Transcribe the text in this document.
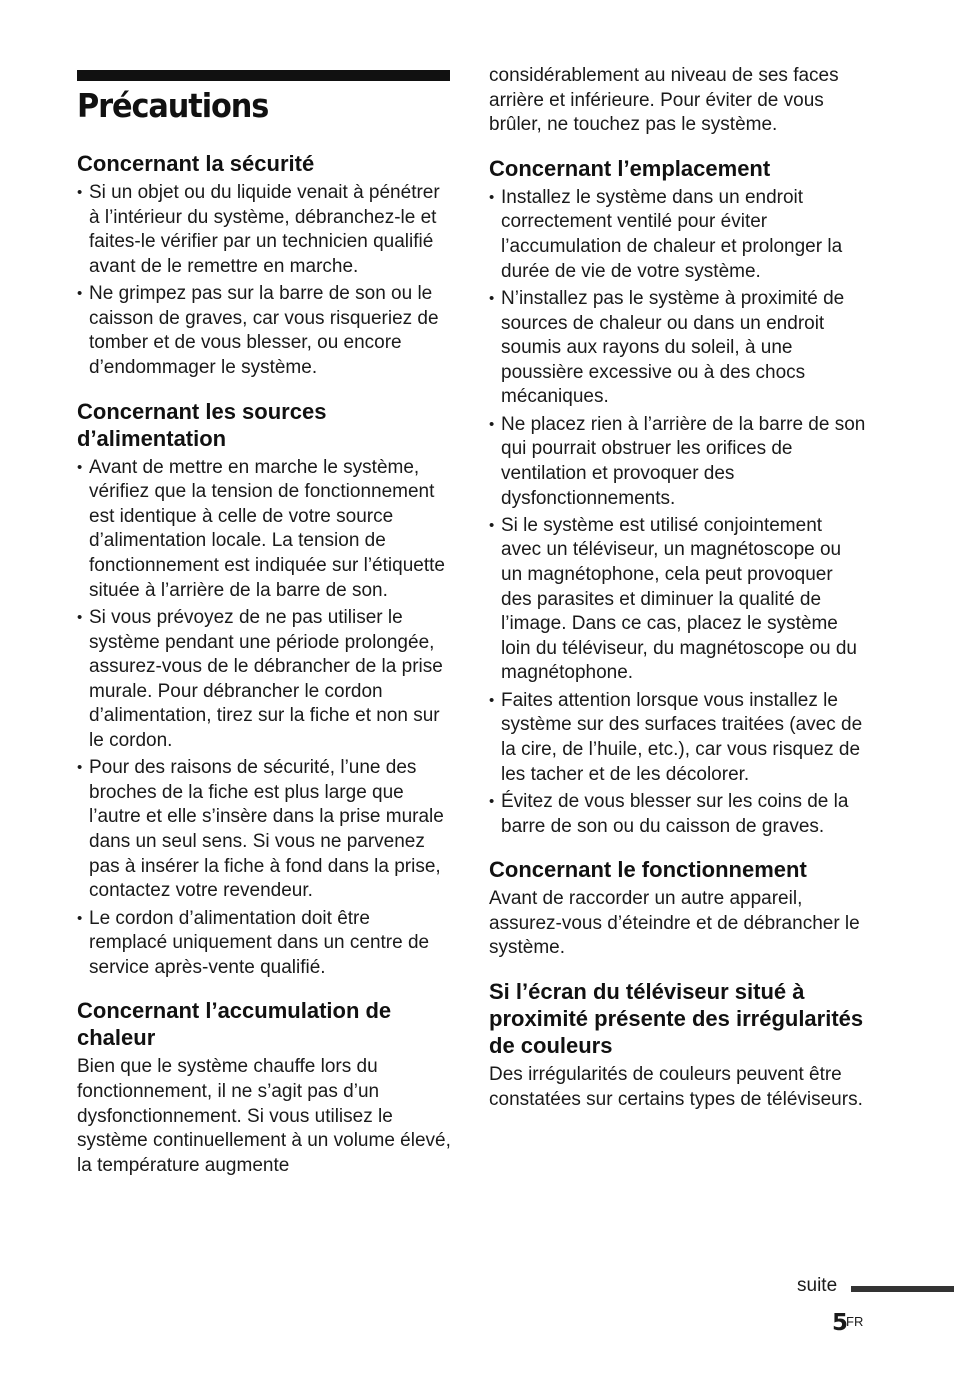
Précautions
Concernant la sécurité
• Si un objet ou du liquide venait à pénétrer à l’intérieur du système, débranchez-le et faites-le vérifier par un technicien qualifié avant de le remettre en marche.
• Ne grimpez pas sur la barre de son ou le caisson de graves, car vous risqueriez de tomber et de vous blesser, ou encore d’endommager le système.
Concernant les sources d’alimentation
• Avant de mettre en marche le système, vérifiez que la tension de fonctionnement est identique à celle de votre source d’alimentation locale. La tension de fonctionnement est indiquée sur l’étiquette située à l’arrière de la barre de son.
• Si vous prévoyez de ne pas utiliser le système pendant une période prolongée, assurez-vous de le débrancher de la prise murale. Pour débrancher le cordon d’alimentation, tirez sur la fiche et non sur le cordon.
• Pour des raisons de sécurité, l’une des broches de la fiche est plus large que l’autre et elle s’insère dans la prise murale dans un seul sens. Si vous ne parvenez pas à insérer la fiche à fond dans la prise, contactez votre revendeur.
• Le cordon d’alimentation doit être remplacé uniquement dans un centre de service après-vente qualifié.
Concernant l’accumulation de chaleur

Bien que le système chauffe lors du fonctionnement, il ne s’agit pas d’un dysfonctionnement. Si vous utilisez le système continuellement à un volume élevé, la température augmente

considérablement au niveau de ses faces arrière et inférieure. Pour éviter de vous brûler, ne touchez pas le système.

Concernant l’emplacement
• Installez le système dans un endroit correctement ventilé pour éviter l’accumulation de chaleur et prolonger la durée de vie de votre système.
• N’installez pas le système à proximité de sources de chaleur ou dans un endroit soumis aux rayons du soleil, à une poussière excessive ou à des chocs mécaniques.
• Ne placez rien à l’arrière de la barre de son qui pourrait obstruer les orifices de ventilation et provoquer des dysfonctionnements.
• Si le système est utilisé conjointement avec un téléviseur, un magnétoscope ou un magnétophone, cela peut provoquer des parasites et diminuer la qualité de l’image. Dans ce cas, placez le système loin du téléviseur, du magnétoscope ou du magnétophone.
• Faites attention lorsque vous installez le système sur des surfaces traitées (avec de la cire, de l’huile, etc.), car vous risquez de les tacher et de les décolorer.
• Évitez de vous blesser sur les coins de la barre de son ou du caisson de graves.
Concernant le fonctionnement

Avant de raccorder un autre appareil, assurez-vous d’éteindre et de débrancher le système.

Si l’écran du téléviseur situé à proximité présente des irrégularités de couleurs

Des irrégularités de couleurs peuvent être constatées sur certains types de téléviseurs.

suite
5
FR
